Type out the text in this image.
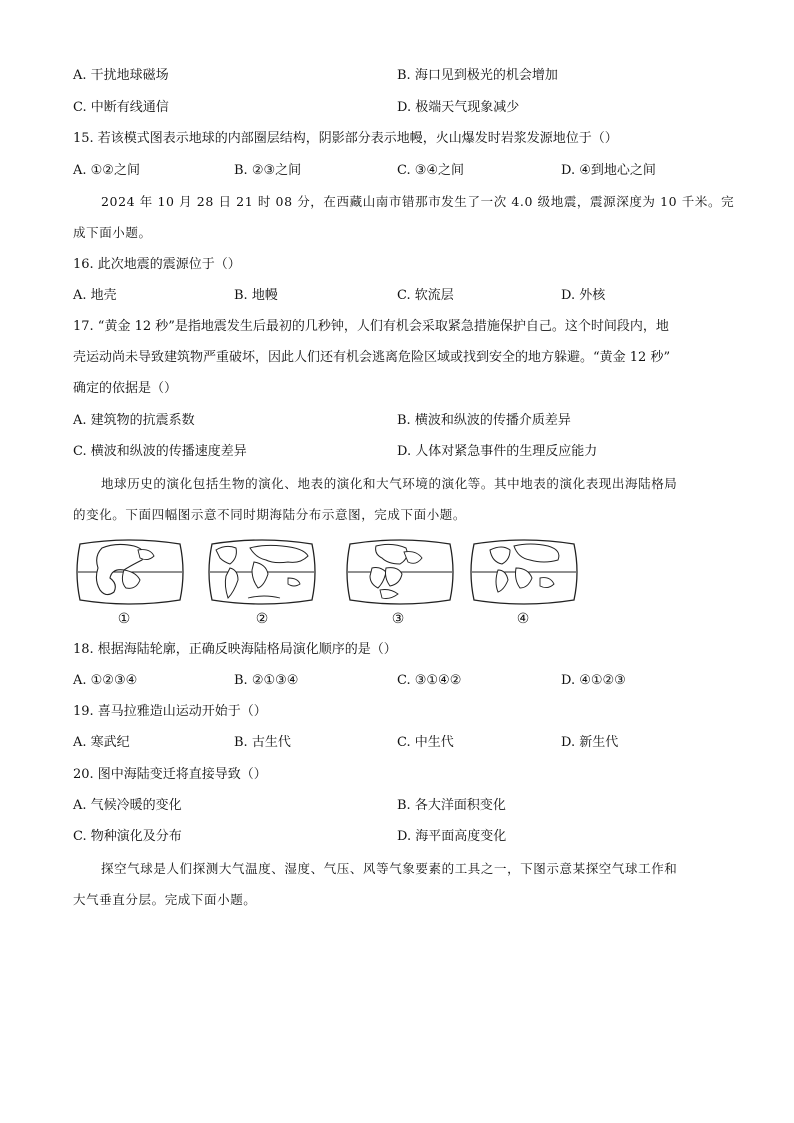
A. 干扰地球磁场	B. 海口见到极光的机会增加
C. 中断有线通信	D. 极端天气现象减少
15. 若该模式图表示地球的内部圈层结构，阴影部分表示地幔，火山爆发时岩浆发源地位于（）
A. ①②之间	B. ②③之间	C. ③④之间	D. ④到地心之间
2024 年 10 月 28 日 21 时 08 分，在西藏山南市错那市发生了一次 4.0 级地震，震源深度为 10 千米。完
成下面小题。
16. 此次地震的震源位于（）
A. 地壳	B. 地幔	C. 软流层	D. 外核
17. “黄金 12 秒”是指地震发生后最初的几秒钟，人们有机会采取紧急措施保护自己。这个时间段内，地
壳运动尚未导致建筑物严重破坏，因此人们还有机会逃离危险区域或找到安全的地方躲避。“黄金 12 秒”
确定的依据是（）
A. 建筑物的抗震系数	B. 横波和纵波的传播介质差异
C. 横波和纵波的传播速度差异	D. 人体对紧急事件的生理反应能力
地球历史的演化包括生物的演化、地表的演化和大气环境的演化等。其中地表的演化表现出海陆格局
的变化。下面四幅图示意不同时期海陆分布示意图，完成下面小题。
①	②	③	④
18. 根据海陆轮廓，正确反映海陆格局演化顺序的是（）
A. ①②③④	B. ②①③④	C. ③①④②	D. ④①②③
19. 喜马拉雅造山运动开始于（）
A. 寒武纪	B. 古生代	C. 中生代	D. 新生代
20. 图中海陆变迁将直接导致（）
A. 气候冷暖的变化	B. 各大洋面积变化
C. 物种演化及分布	D. 海平面高度变化
探空气球是人们探测大气温度、湿度、气压、风等气象要素的工具之一，下图示意某探空气球工作和
大气垂直分层。完成下面小题。
